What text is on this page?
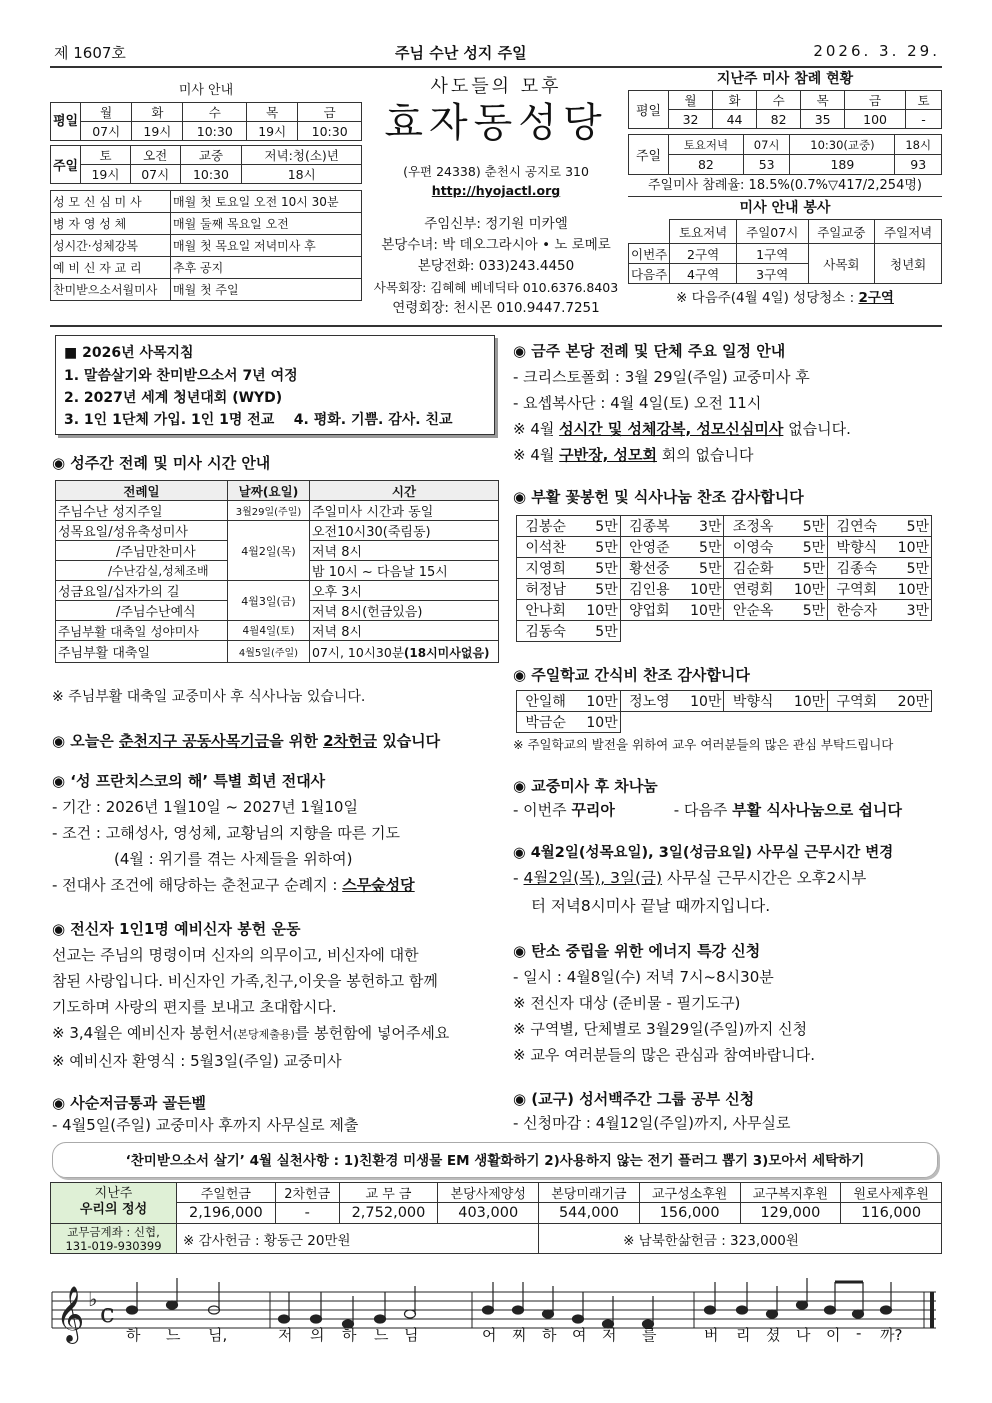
제 1607호	주님 수난 성지 주일	2026. 3. 29.
미사 안내
평일	월	화	수	목	금
	07시	19시	10:30	19시	10:30
주일	토	오전	교중	저녁:청(소)년
	19시	07시	10:30	18시
성 모 신 심 미 사	매월 첫 토요일 오전 10시 30분
병 자 영 성 체	매월 둘째 목요일 오전
성시간·성체강복	매월 첫 목요일 저녁미사 후
예 비 신 자 교 리	추후 공지
찬미받으소서월미사	매월 첫 주일
사도들의 모후
효자동성당
(우편 24338) 춘천시 공지로 310
http://hyojactl.org
주임신부: 정기원 미카엘
본당수녀: 박 데오그라시아 • 노 로메로
본당전화: 033)243.4450
사목회장: 김혜혜 베네딕타 010.6376.8403
연령회장: 천시몬 010.9447.7251
지난주 미사 참례 현황
평일	월	화	수	목	금	토
	32	44	82	35	100	-
주일	토요저녁	07시	10:30(교중)	18시
	82	53	189	93
주일미사 참례율: 18.5%(0.7%▽417/2,254명)
미사 안내 봉사
	토요저녁	주일07시	주일교중	주일저녁
이번주	2구역	1구역	사목회	청년회
다음주	4구역	3구역		
※ 다음주(4월 4일) 성당청소 : 2구역
■ 2026년 사목지침
1. 말씀살기와 찬미받으소서 7년 여정
2. 2027년 세계 청년대회 (WYD)
3. 1인 1단체 가입. 1인 1명 전교    4. 평화. 기쁨. 감사. 친교
◉ 성주간 전례 및 미사 시간 안내
전례일	날짜(요일)	시간
주님수난 성지주일	3월29일(주일)	주일미사 시간과 동일
성목요일/성유축성미사	4월2일(목)	오전10시30(죽림동)
/주님만찬미사		저녁 8시
/수난감실,성체조배		밤 10시 ~ 다음날 15시
성금요일/십자가의 길	4월3일(금)	오후 3시
/주님수난예식		저녁 8시(헌금있음)
주님부활 대축일 성야미사	4월4일(토)	저녁 8시
주님부활 대축일	4월5일(주일)	07시, 10시30분(18시미사없음)
※ 주님부활 대축일 교중미사 후 식사나눔 있습니다.
◉ 오늘은 춘천지구 공동사목기금을 위한 2차헌금 있습니다
◉ ‘성 프란치스코의 해’ 특별 희년 전대사
- 기간 : 2026년 1월10일 ~ 2027년 1월10일
- 조건 : 고해성사, 영성체, 교황님의 지향을 따른 기도
(4월 : 위기를 겪는 사제들을 위하여)
- 전대사 조건에 해당하는 춘천교구 순례지 : 스무숲성당
◉ 전신자 1인1명 예비신자 봉헌 운동
선교는 주님의 명령이며 신자의 의무이고, 비신자에 대한
참된 사랑입니다. 비신자인 가족,친구,이웃을 봉헌하고 함께
기도하며 사랑의 편지를 보내고 초대합시다.
※ 3,4월은 예비신자 봉헌서(본당제출용)를 봉헌함에 넣어주세요
※ 예비신자 환영식 : 5월3일(주일) 교중미사
◉ 사순저금통과 골든벨
- 4월5일(주일) 교중미사 후까지 사무실로 제출
◉ 금주 본당 전례 및 단체 주요 일정 안내
- 크리스토폴회 : 3월 29일(주일) 교중미사 후
- 요셉복사단 : 4월 4일(토) 오전 11시
※ 4월 성시간 및 성체강복, 성모신심미사 없습니다.
※ 4월 구반장, 성모회 회의 없습니다
◉ 부활 꽃봉헌 및 식사나눔 찬조 감사합니다
김봉순	5만	김종복	3만	조정옥	5만	김연숙	5만
이석찬	5만	안영준	5만	이영숙	5만	박향식	10만
지영희	5만	황선중	5만	김순화	5만	김종숙	5만
허정남	5만	김인용	10만	연령회	10만	구역회	10만
안나회	10만	양업회	10만	안순옥	5만	한승자	3만
김동숙	5만						
◉ 주일학교 간식비 찬조 감사합니다
안일해	10만	정노영	10만	박향식	10만	구역회	20만
박금순	10만						
※ 주일학교의 발전을 위하여 교우 여러분들의 많은 관심 부탁드립니다
◉ 교중미사 후 차나눔
- 이번주 꾸리아	- 다음주 부활 식사나눔으로 쉽니다
◉ 4월2일(성목요일), 3일(성금요일) 사무실 근무시간 변경
- 4월2일(목), 3일(금) 사무실 근무시간은 오후2시부
터 저녁8시미사 끝날 때까지입니다.
◉ 탄소 중립을 위한 에너지 특강 신청
- 일시 : 4월8일(수) 저녁 7시~8시30분
※ 전신자 대상 (준비물 - 필기도구)
※ 구역별, 단체별로 3월29일(주일)까지 신청
※ 교우 여러분들의 많은 관심과 참여바랍니다.
◉ (교구) 성서백주간 그룹 공부 신청
- 신청마감 : 4월12일(주일)까지, 사무실로
‘찬미받으소서 살기’ 4월 실천사항 : 1)친환경 미생물 EM 생활화하기 2)사용하지 않는 전기 플러그 뽑기 3)모아서 세탁하기
지난주
우리의 정성	주일헌금	2차헌금	교 무 금	본당사제양성	본당미래기금	교구성소후원	교구복지후원	원로사제후원
	2,196,000	-	2,752,000	403,000	544,000	156,000	129,000	116,000

교무금계좌 : 신협,
131-019-930399	※ 감사헌금 : 황동근 20만원				※ 남북한삶헌금 : 323,000원			
𝄞 ♭ c
하 느 님,	저 의 하 느 님	어 찌 하 여 저 를	버 리 셨 나 이 - 까?
